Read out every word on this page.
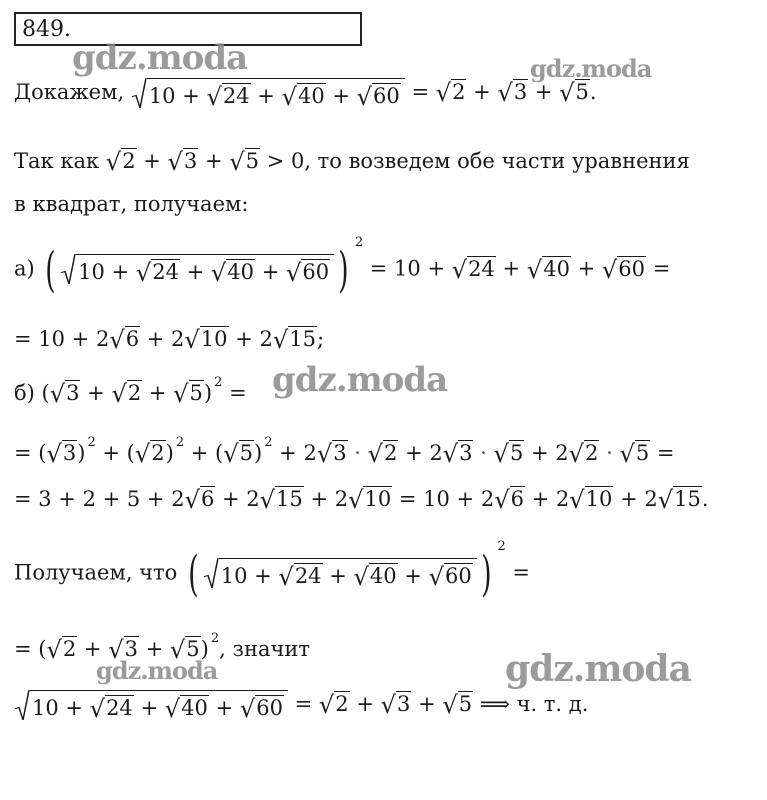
849.
gdz.moda	gdz.moda
gdz.moda
gdz.moda	gdz.moda
Докажем, 10 + √24 + √40 + √60 = √2 + √3 + √5.
Так как √2 + √3 + √5 > 0, то возведем обе части уравнения
в квадрат, получаем:
а) ( 10 + √24 + √40 + √60 ) $^2$ = 10 + √24 + √40 + √60 =
= 10 + 2√6 + 2√10 + 2√15;
б) (√3 + √2 + √5) $^2$ =
= (√3) $^2$ + (√2) $^2$ + (√5) $^2$ + 2√3 · √2 + 2√3 · √5 + 2√2 · √5 =
= 3 + 2 + 5 + 2√6 + 2√15 + 2√10 = 10 + 2√6 + 2√10 + 2√15.
Получаем, что ( 10 + √24 + √40 + √60 ) $^2$ =
= (√2 + √3 + √5) $^2$, значит
10 + √24 + √40 + √60 = √2 + √3 + √5 ⟹ ч. т. д.
